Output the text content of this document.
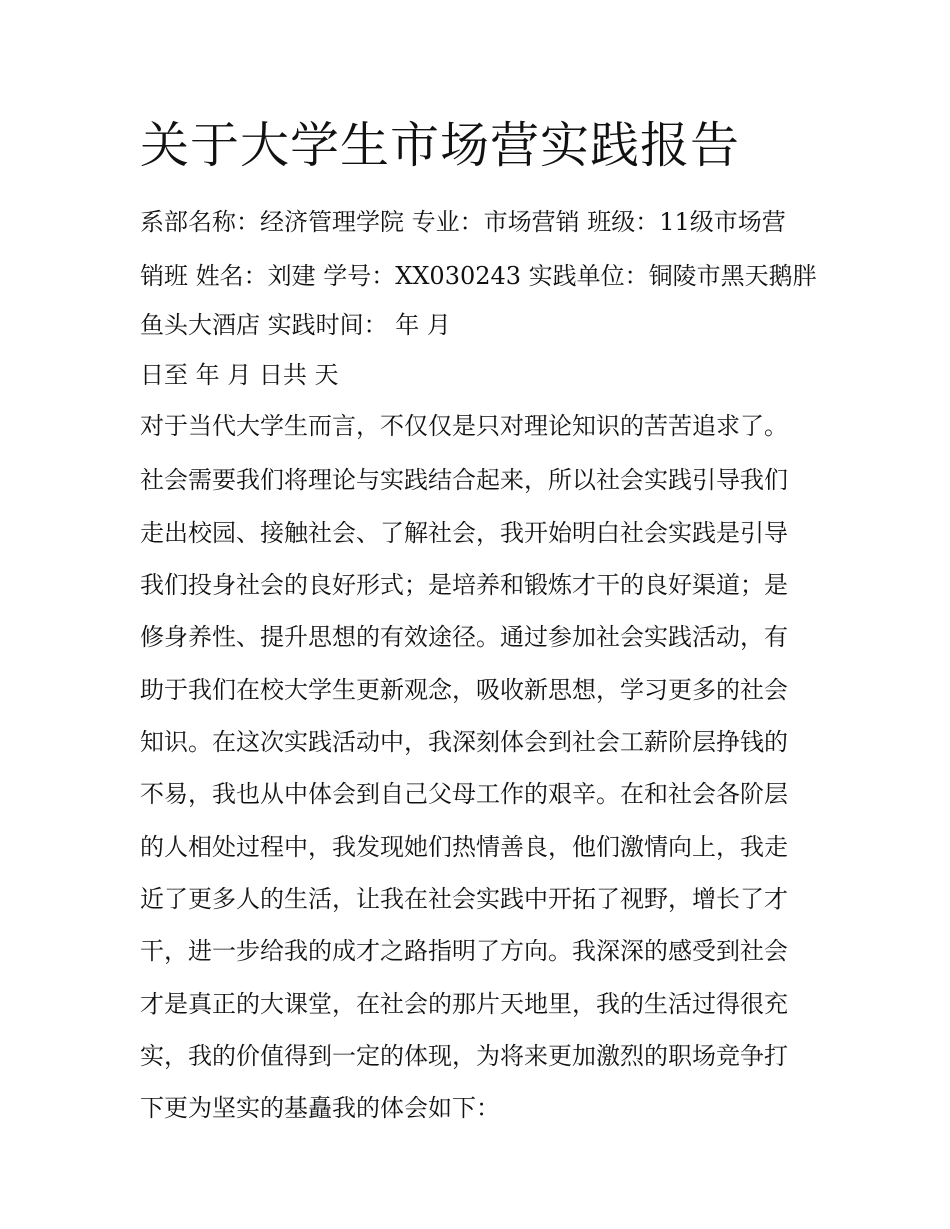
关于大学生市场营实践报告

系部名称：经济管理学院 专业：市场营销 班级：11级市场营

销班 姓名：刘建 学号：XX030243 实践单位：铜陵市黑天鹅胖

鱼头大酒店 实践时间： 年 月

日至 年 月 日共 天

对于当代大学生而言，不仅仅是只对理论知识的苦苦追求了。

社会需要我们将理论与实践结合起来，所以社会实践引导我们

走出校园、接触社会、了解社会，我开始明白社会实践是引导

我们投身社会的良好形式；是培养和锻炼才干的良好渠道；是

修身养性、提升思想的有效途径。通过参加社会实践活动，有

助于我们在校大学生更新观念，吸收新思想，学习更多的社会

知识。在这次实践活动中，我深刻体会到社会工薪阶层挣钱的

不易，我也从中体会到自己父母工作的艰辛。在和社会各阶层

的人相处过程中，我发现她们热情善良，他们激情向上，我走

近了更多人的生活，让我在社会实践中开拓了视野，增长了才

干，进一步给我的成才之路指明了方向。我深深的感受到社会

才是真正的大课堂，在社会的那片天地里，我的生活过得很充

实，我的价值得到一定的体现，为将来更加激烈的职场竞争打

下更为坚实的基矗我的体会如下：
